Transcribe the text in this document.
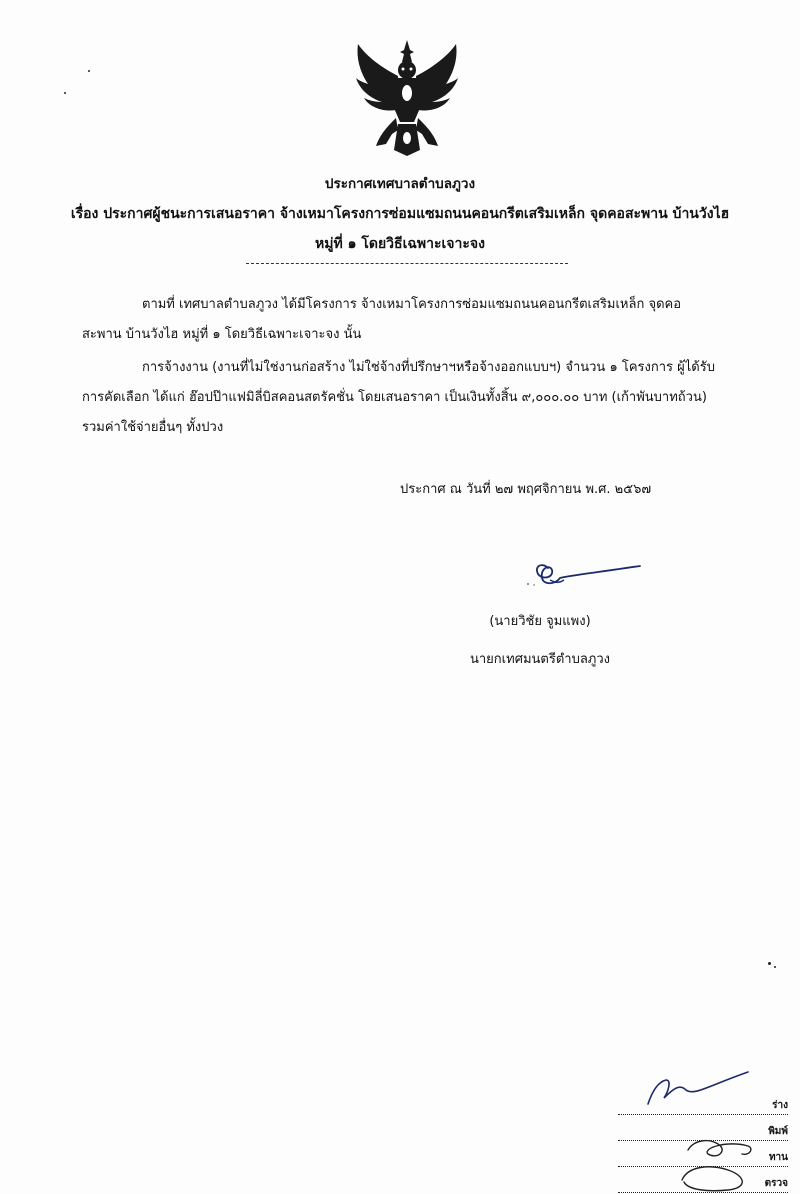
ประกาศเทศบาลตำบลภูวง
เรื่อง ประกาศผู้ชนะการเสนอราคา จ้างเหมาโครงการซ่อมแซมถนนคอนกรีตเสริมเหล็ก จุดคอสะพาน บ้านวังไฮ
หมู่ที่ ๑ โดยวิธีเฉพาะเจาะจง
ตามที่ เทศบาลตำบลภูวง ได้มีโครงการ จ้างเหมาโครงการซ่อมแซมถนนคอนกรีตเสริมเหล็ก จุดคอ
สะพาน บ้านวังไฮ หมู่ที่ ๑ โดยวิธีเฉพาะเจาะจง นั้น
การจ้างงาน (งานที่ไม่ใช่งานก่อสร้าง ไม่ใช่จ้างที่ปรึกษาฯหรือจ้างออกแบบฯ) จำนวน ๑ โครงการ ผู้ได้รับ
การคัดเลือก ได้แก่ ฮ๊อปป๊าแฟมิลี่บิสคอนสตรัคชั่น โดยเสนอราคา เป็นเงินทั้งสิ้น ๙,๐๐๐.๐๐ บาท (เก้าพันบาทถ้วน)
รวมค่าใช้จ่ายอื่นๆ ทั้งปวง
ประกาศ ณ วันที่ ๒๗ พฤศจิกายน พ.ศ. ๒๕๖๗
(นายวิชัย จูมแพง)
นายกเทศมนตรีตำบลภูวง
ร่าง
พิมพ์
ทาน
ตรวจ
